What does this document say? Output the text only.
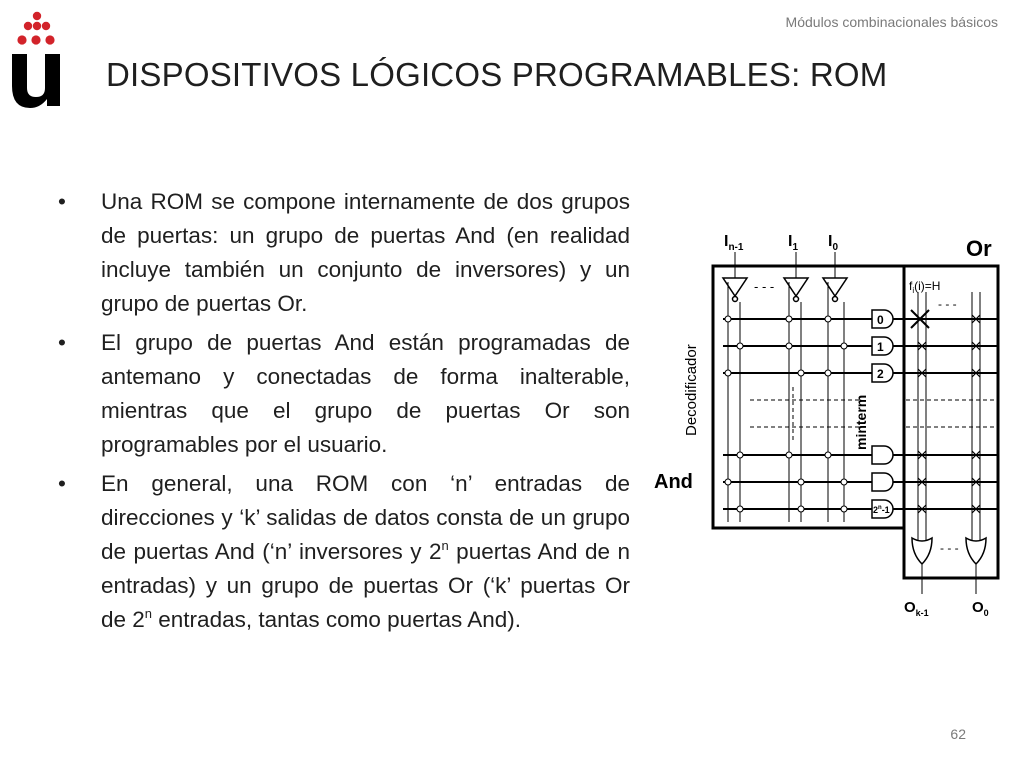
Módulos combinacionales básicos
DISPOSITIVOS LÓGICOS PROGRAMABLES: ROM
• Una ROM se compone internamente de dos grupos de puertas: un grupo de puertas And (en realidad incluye también un conjunto de inversores) y un grupo de puertas Or.
• El grupo de puertas And están programadas de antemano y conectadas de forma inalterable, mientras que el grupo de puertas Or son programables por el usuario.
• En general, una ROM con ‘n’ entradas de direcciones y ‘k’ salidas de datos consta de un grupo de puertas And (‘n’ inversores y 2$^n$ puertas And de n entradas) y un grupo de puertas Or (‘k’ puertas Or de 2$^n$ entradas, tantas como puertas And).
$I_{n-1}$	$I_1$ $I_0$	Or
- - -
0
1
2
2$^n$-1
Decodificador	minterm
And
$f_i(i)=H$
- - -
- - -
$O_{k-1}$	$O_0$
62
